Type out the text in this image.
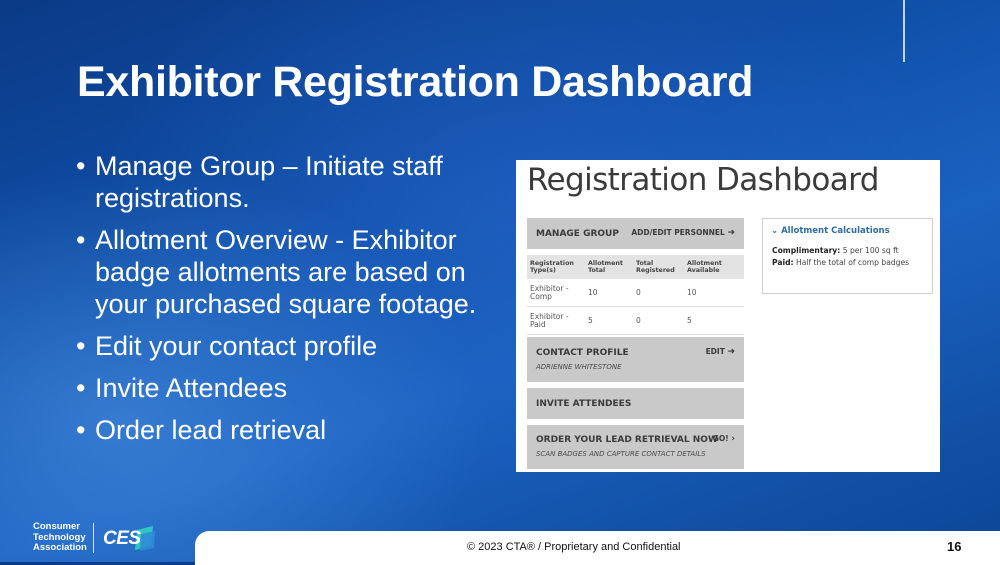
Exhibitor Registration Dashboard
• Manage Group – Initiate staff registrations.
• Allotment Overview - Exhibitor badge allotments are based on your purchased square footage.
• Edit your contact profile
• Invite Attendees
• Order lead retrieval
Registration Dashboard
MANAGE GROUP ADD/EDIT PERSONNEL ➜
Registration Type(s)	Allotment Total	Total Registered	Allotment Available
Exhibitor - Comp	10	0	10
Exhibitor - Paid	5	0	5
CONTACT PROFILE	EDIT ➜
ADRIENNE WHITESTONE
INVITE ATTENDEES
ORDER YOUR LEAD RETRIEVAL NOW
GO! ›
SCAN BADGES AND CAPTURE CONTACT DETAILS
⌄ Allotment Calculations
Complimentary: 5 per 100 sq ft
Paid: Half the total of comp badges
Consumer
Technology
Association CES	© 2023 CTA® / Proprietary and Confidential	16
